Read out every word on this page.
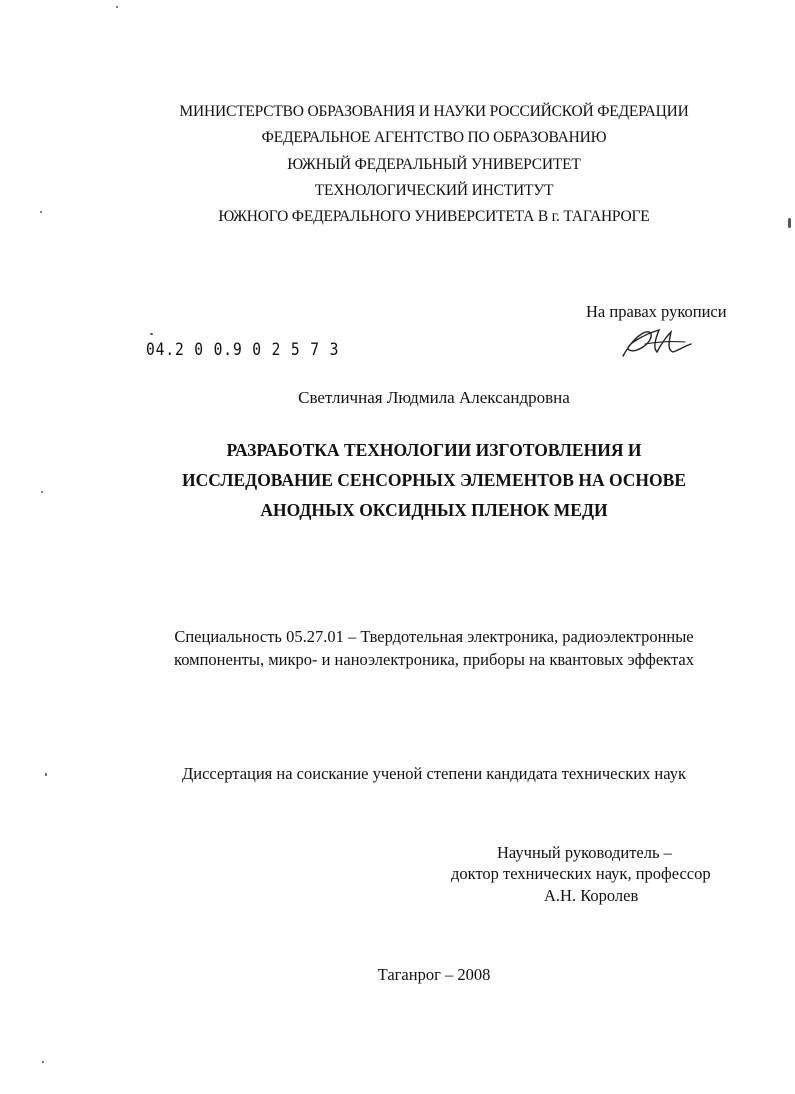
МИНИСТЕРСТВО ОБРАЗОВАНИЯ И НАУКИ РОССИЙСКОЙ ФЕДЕРАЦИИ
ФЕДЕРАЛЬНОЕ АГЕНТСТВО ПО ОБРАЗОВАНИЮ
ЮЖНЫЙ ФЕДЕРАЛЬНЫЙ УНИВЕРСИТЕТ
ТЕХНОЛОГИЧЕСКИЙ ИНСТИТУТ
ЮЖНОГО ФЕДЕРАЛЬНОГО УНИВЕРСИТЕТА В г. ТАГАНРОГЕ
На правах рукописи
04.2 0 0.9 0 2 5 7 3
Светличная Людмила Александровна
РАЗРАБОТКА ТЕХНОЛОГИИ ИЗГОТОВЛЕНИЯ И
ИССЛЕДОВАНИЕ СЕНСОРНЫХ ЭЛЕМЕНТОВ НА ОСНОВЕ
АНОДНЫХ ОКСИДНЫХ ПЛЕНОК МЕДИ
Специальность 05.27.01 – Твердотельная электроника, радиоэлектронные
компоненты, микро- и наноэлектроника, приборы на квантовых эффектах
Диссертация на соискание ученой степени кандидата технических наук
Научный руководитель –
доктор технических наук, профессор
А.Н. Королев
Таганрог – 2008
